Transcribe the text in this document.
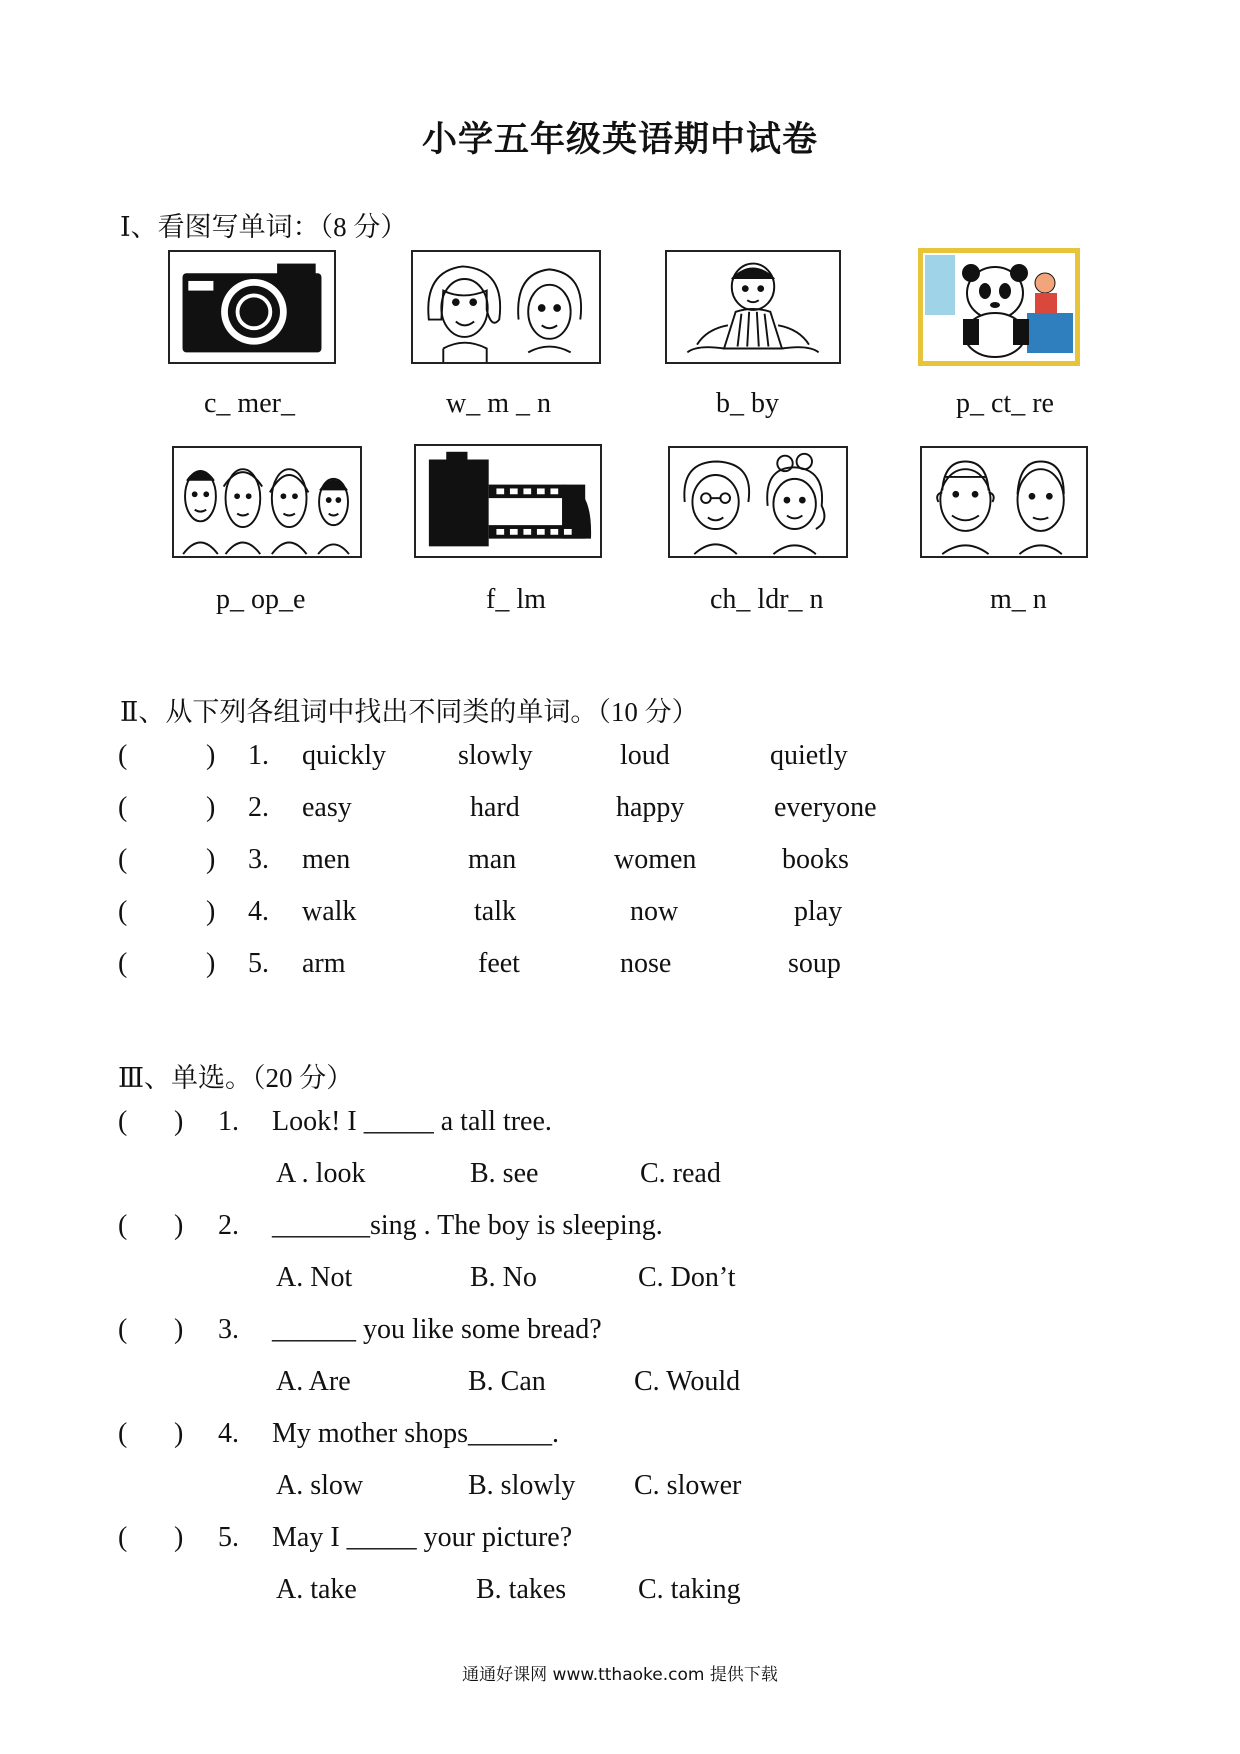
小学五年级英语期中试卷
Ⅰ、看图写单词：（8 分）
c_ mer_	w_ m _ n	b_ by	p_ ct_ re
p_ op_e	f_ lm	ch_ ldr_ n	m_ n
Ⅱ、从下列各组词中找出不同类的单词。（10 分）
(	) 1. quickly	slowly	loud	quietly
(	) 2. easy	hard	happy	everyone
(	) 3. men	man	women	books
(	) 4. walk	talk	now	play
(	) 5. arm	feet	nose	soup
Ⅲ、单选。（20 分）
( ) 1. Look! I _____ a tall tree.
A . look	B. see	C. read
( ) 2. _______sing . The boy is sleeping.
A. Not	B. No	C. Don’t
( ) 3. ______ you like some bread?
A. Are	B. Can	C. Would
( ) 4. My mother shops______.
A. slow	B. slowly C. slower
( ) 5. May I _____ your picture?
A. take	B. takes	C. taking
通通好课网 www.tthaoke.com 提供下载
